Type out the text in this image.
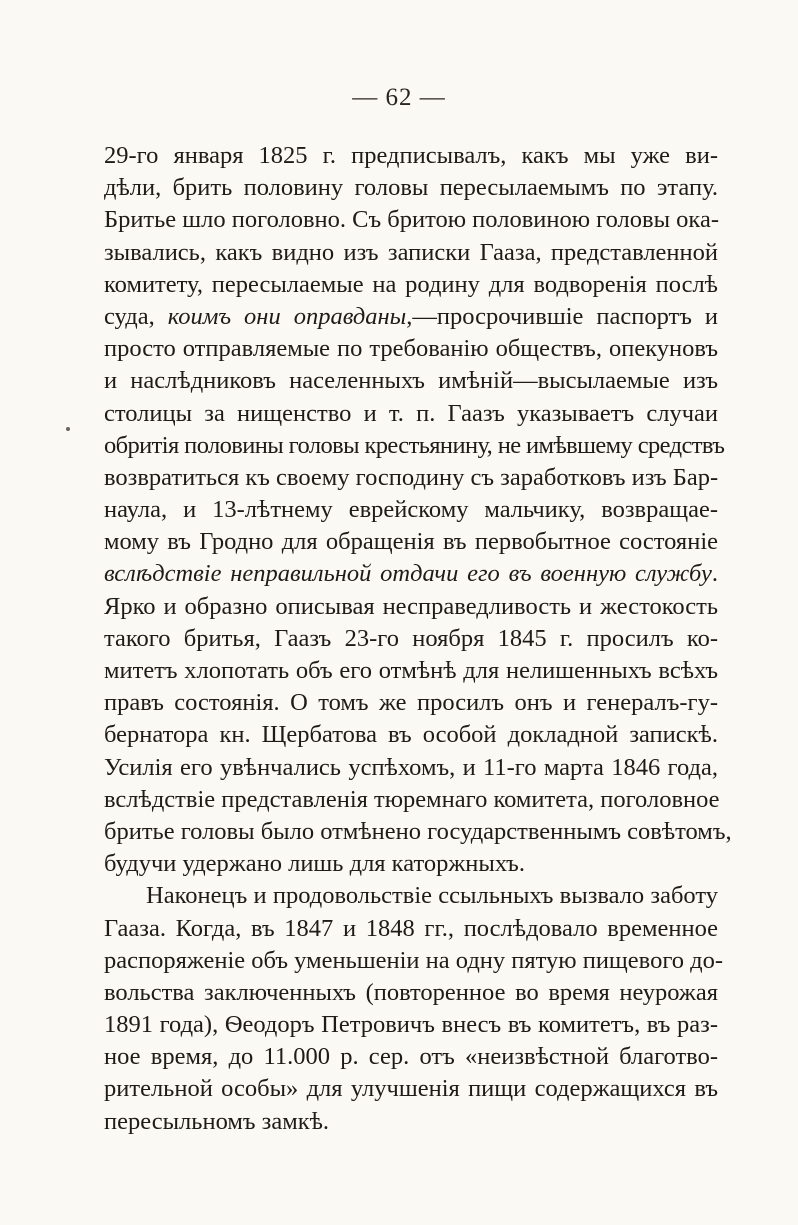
— 62 —
29-го января 1825 г. предписывалъ, какъ мы уже ви-
дѣли, брить половину головы пересылаемымъ по этапу.
Бритье шло поголовно. Съ бритою половиною головы ока-
зывались, какъ видно изъ записки Гааза, представленной
комитету, пересылаемые на родину для водворенія послѣ
суда, коимъ они оправданы,—просрочившіе паспортъ и
просто отправляемые по требованію обществъ, опекуновъ
и наслѣдниковъ населенныхъ имѣній—высылаемые изъ
столицы за нищенство и т. п. Гаазъ указываетъ случаи
обритія половины головы крестьянину, не имѣвшему средствъ
возвратиться къ своему господину съ заработковъ изъ Бар-
наула, и 13-лѣтнему еврейскому мальчику, возвращае-
мому въ Гродно для обращенія въ первобытное состояніе
вслѣдствіе неправильной отдачи его въ военную службу.
Ярко и образно описывая несправедливость и жестокость
такого бритья, Гаазъ 23-го ноября 1845 г. просилъ ко-
митетъ хлопотать объ его отмѣнѣ для нелишенныхъ всѣхъ
правъ состоянія. О томъ же просилъ онъ и генералъ-гу-
бернатора кн. Щербатова въ особой докладной запискѣ.
Усилія его увѣнчались успѣхомъ, и 11-го марта 1846 года,
вслѣдствіе представленія тюремнаго комитета, поголовное
бритье головы было отмѣнено государственнымъ совѣтомъ,
будучи удержано лишь для каторжныхъ.
Наконецъ и продовольствіе ссыльныхъ вызвало заботу
Гааза. Когда, въ 1847 и 1848 гг., послѣдовало временное
распоряженіе объ уменьшеніи на одну пятую пищевого до-
вольства заключенныхъ (повторенное во время неурожая
1891 года), Ѳеодоръ Петровичъ внесъ въ комитетъ, въ раз-
ное время, до 11.000 р. сер. отъ «неизвѣстной благотво-
рительной особы» для улучшенія пищи содержащихся въ
пересыльномъ замкѣ.
